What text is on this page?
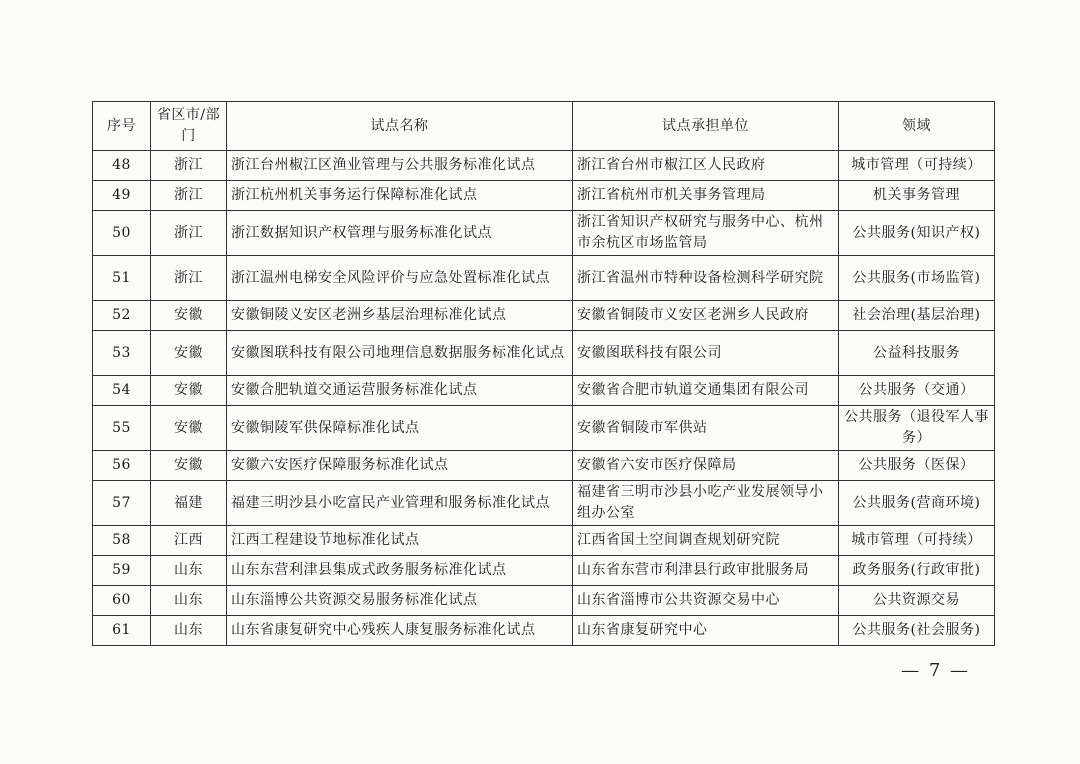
序号	省区市/部门	试点名称	试点承担单位	领域
48	浙江	浙江台州椒江区渔业管理与公共服务标准化试点	浙江省台州市椒江区人民政府	城市管理（可持续）
49	浙江	浙江杭州机关事务运行保障标准化试点	浙江省杭州市机关事务管理局	机关事务管理
50	浙江	浙江数据知识产权管理与服务标准化试点	浙江省知识产权研究与服务中心、杭州市余杭区市场监管局	公共服务(知识产权)
51	浙江	浙江温州电梯安全风险评价与应急处置标准化试点	浙江省温州市特种设备检测科学研究院	公共服务(市场监管)
52	安徽	安徽铜陵义安区老洲乡基层治理标准化试点	安徽省铜陵市义安区老洲乡人民政府	社会治理(基层治理)
53	安徽	安徽图联科技有限公司地理信息数据服务标准化试点	安徽图联科技有限公司	公益科技服务
54	安徽	安徽合肥轨道交通运营服务标准化试点	安徽省合肥市轨道交通集团有限公司	公共服务（交通）
55	安徽	安徽铜陵军供保障标准化试点	安徽省铜陵市军供站	公共服务（退役军人事务）
56	安徽	安徽六安医疗保障服务标准化试点	安徽省六安市医疗保障局	公共服务（医保）
57	福建	福建三明沙县小吃富民产业管理和服务标准化试点	福建省三明市沙县小吃产业发展领导小组办公室	公共服务(营商环境)
58	江西	江西工程建设节地标准化试点	江西省国土空间调查规划研究院	城市管理（可持续）
59	山东	山东东营利津县集成式政务服务标准化试点	山东省东营市利津县行政审批服务局	政务服务(行政审批)
60	山东	山东淄博公共资源交易服务标准化试点	山东省淄博市公共资源交易中心	公共资源交易
61	山东	山东省康复研究中心残疾人康复服务标准化试点	山东省康复研究中心	公共服务(社会服务)
— 7 —
